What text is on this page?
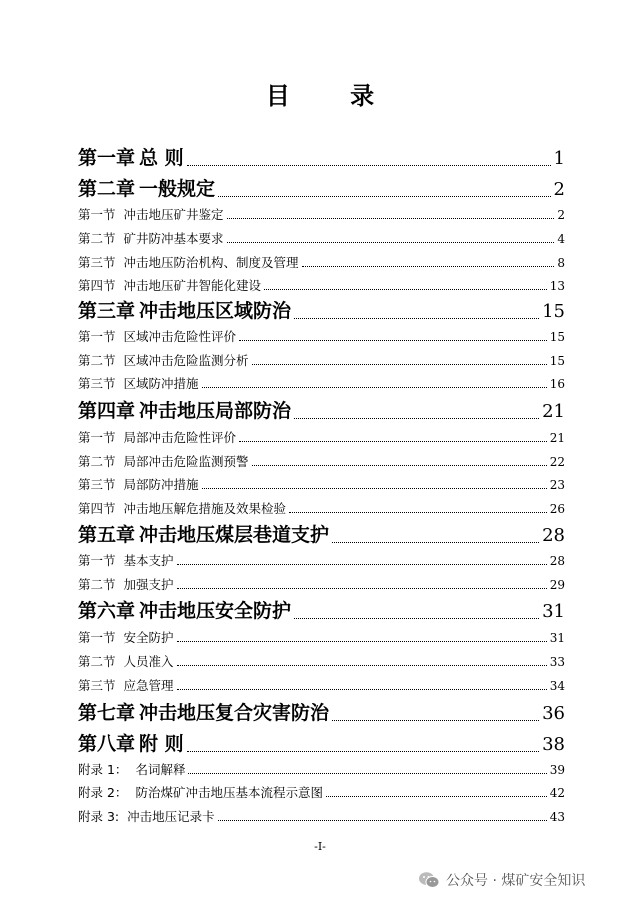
目 录
第一章 总 则	1
第二章 一般规定	2
第一节 冲击地压矿井鉴定	2
第二节 矿井防冲基本要求	4
第三节 冲击地压防治机构、制度及管理	8
第四节 冲击地压矿井智能化建设	13
第三章 冲击地压区域防治	15
第一节 区域冲击危险性评价	15
第二节 区域冲击危险监测分析	15
第三节 区域防冲措施	16
第四章 冲击地压局部防治	21
第一节 局部冲击危险性评价	21
第二节 局部冲击危险监测预警	22
第三节 局部防冲措施	23
第四节 冲击地压解危措施及效果检验	26
第五章 冲击地压煤层巷道支护	28
第一节 基本支护	28
第二节 加强支护	29
第六章 冲击地压安全防护	31
第一节 安全防护	31
第二节 人员准入	33
第三节 应急管理	34
第七章 冲击地压复合灾害防治	36
第八章 附 则	38
附录 1： 名词解释	39
附录 2： 防治煤矿冲击地压基本流程示意图	42
附录 3: 冲击地压记录卡	43
-I-
公众号 · 煤矿安全知识
